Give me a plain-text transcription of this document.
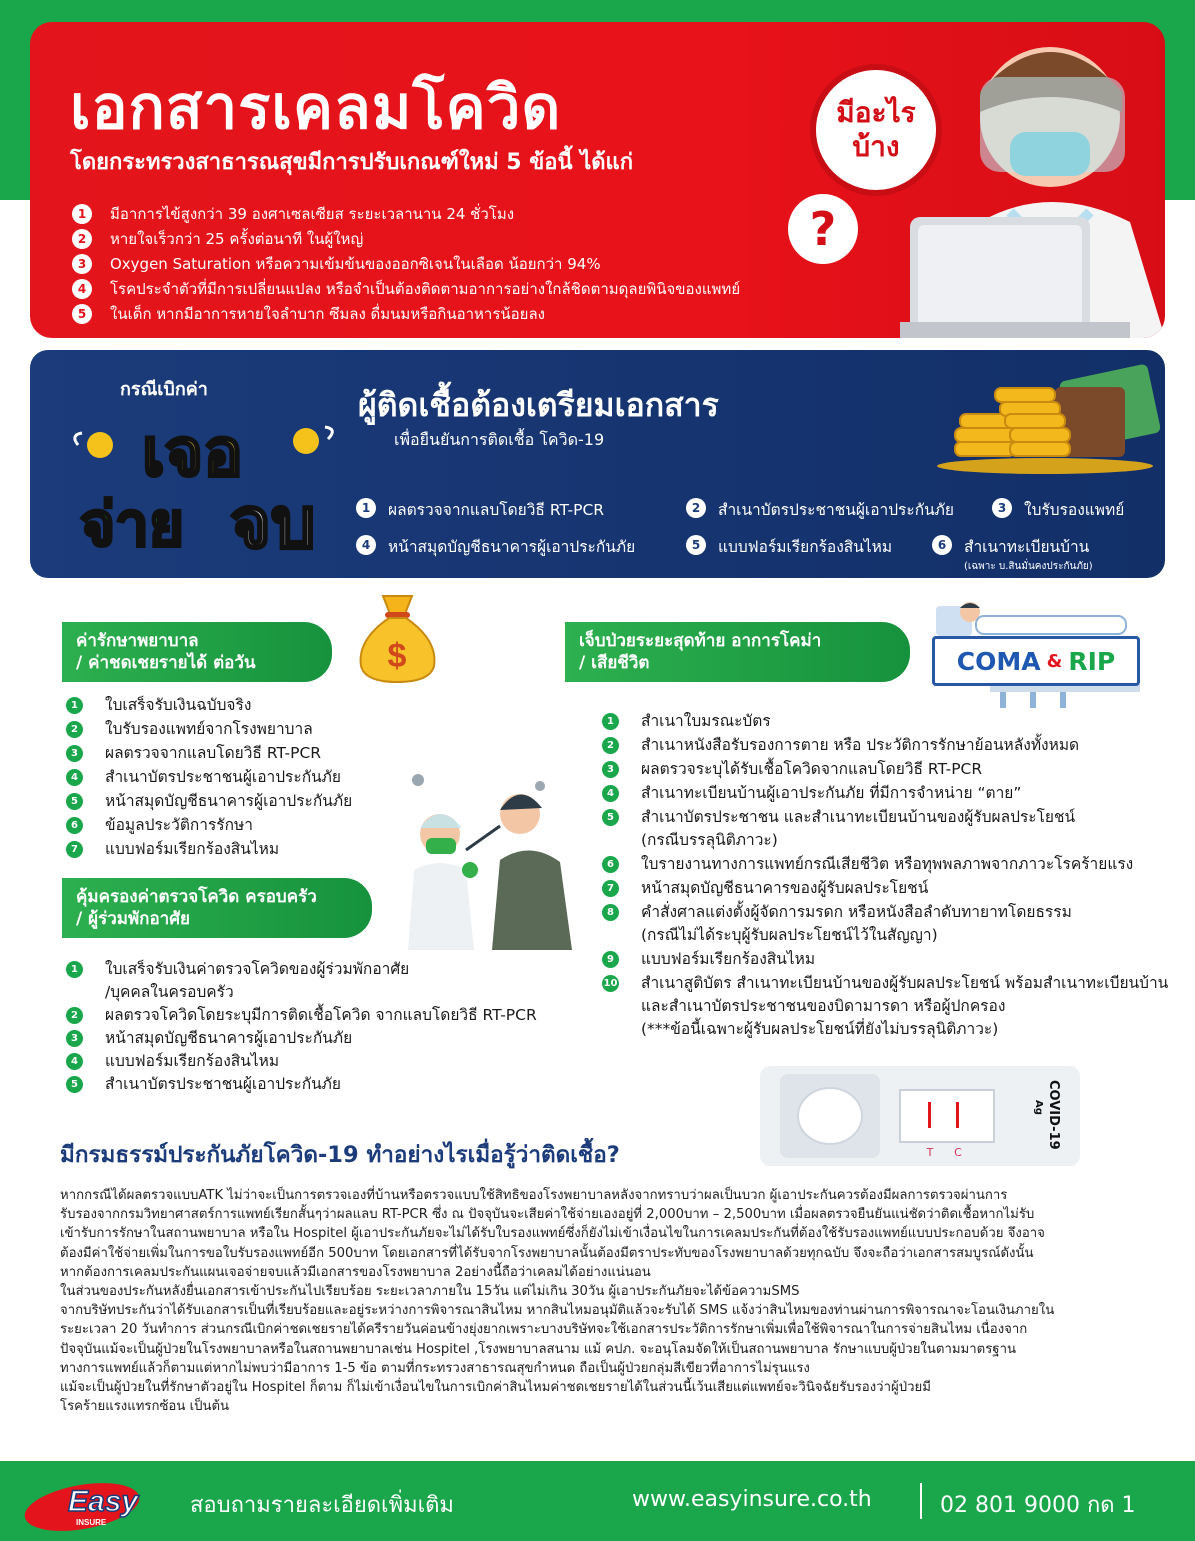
เอกสารเคลมโควิด

โดยกระทรวงสาธารณสุขมีการปรับเกณฑ์ใหม่ 5 ข้อนี้ ได้แก่

1	มีอาการไข้สูงกว่า 39 องศาเซลเซียส ระยะเวลานาน 24 ชั่วโมง
2	หายใจเร็วกว่า 25 ครั้งต่อนาที ในผู้ใหญ่
3	Oxygen Saturation หรือความเข้มข้นของออกซิเจนในเลือด น้อยกว่า 94%
4	โรคประจำตัวที่มีการเปลี่ยนแปลง หรือจำเป็นต้องติดตามอาการอย่างใกล้ชิดตามดุลยพินิจของแพทย์
5	ในเด็ก หากมีอาการหายใจลำบาก ซึมลง ดื่มนมหรือกินอาหารน้อยลง
มีอะไรบ้าง
?
กรณีเบิกค่า
เจอ
จ่าย จบ
ผู้ติดเชื้อต้องเตรียมเอกสาร

เพื่อยืนยันการติดเชื้อ โควิด-19

1	ผลตรวจจากแลบโดยวิธี RT-PCR	2	สำเนาบัตรประชาชนผู้เอาประกันภัย	3	ใบรับรองแพทย์
4	หน้าสมุดบัญชีธนาคารผู้เอาประกันภัย	5	แบบฟอร์มเรียกร้องสินไหม	6	สำเนาทะเบียนบ้าน
(เฉพาะ บ.สินมั่นคงประกันภัย)
ค่ารักษาพยาบาล
/ ค่าชดเชยรายได้ ต่อวัน	$
1	ใบเสร็จรับเงินฉบับจริง
2	ใบรับรองแพทย์จากโรงพยาบาล
3	ผลตรวจจากแลบโดยวิธี RT-PCR
4	สำเนาบัตรประชาชนผู้เอาประกันภัย
5	หน้าสมุดบัญชีธนาคารผู้เอาประกันภัย
6	ข้อมูลประวัติการรักษา
7	แบบฟอร์มเรียกร้องสินไหม
คุ้มครองค่าตรวจโควิด ครอบครัว
/ ผู้ร่วมพักอาศัย
1	ใบเสร็จรับเงินค่าตรวจโควิดของผู้ร่วมพักอาศัย
/บุคคลในครอบครัว
2	ผลตรวจโควิดโดยระบุมีการติดเชื้อโควิด จากแลบโดยวิธี RT-PCR
3	หน้าสมุดบัญชีธนาคารผู้เอาประกันภัย
4	แบบฟอร์มเรียกร้องสินไหม
5	สำเนาบัตรประชาชนผู้เอาประกันภัย
เจ็บป่วยระยะสุดท้าย อาการโคม่า
/ เสียชีวิต	COMA & RIP
1	สำเนาใบมรณะบัตร
2	สำเนาหนังสือรับรองการตาย หรือ ประวัติการรักษาย้อนหลังทั้งหมด
3	ผลตรวจระบุได้รับเชื้อโควิดจากแลบโดยวิธี RT-PCR
4	สำเนาทะเบียนบ้านผู้เอาประกันภัย ที่มีการจำหน่าย “ตาย”
5	สำเนาบัตรประชาชน และสำเนาทะเบียนบ้านของผู้รับผลประโยชน์
(กรณีบรรลุนิติภาวะ)
6	ใบรายงานทางการแพทย์กรณีเสียชีวิต หรือทุพพลภาพจากภาวะโรคร้ายแรง
7	หน้าสมุดบัญชีธนาคารของผู้รับผลประโยชน์
8	คำสั่งศาลแต่งตั้งผู้จัดการมรดก หรือหนังสือลำดับทายาทโดยธรรม
(กรณีไม่ได้ระบุผู้รับผลประโยชน์ไว้ในสัญญา)
9	แบบฟอร์มเรียกร้องสินไหม
10 สำเนาสูติบัตร สำเนาทะเบียนบ้านของผู้รับผลประโยชน์ พร้อมสำเนาทะเบียนบ้าน
และสำเนาบัตรประชาชนของบิดามารดา หรือผู้ปกครอง
(***ข้อนี้เฉพาะผู้รับผลประโยชน์ที่ยังไม่บรรลุนิติภาวะ)
T C
COVID-19
Ag
มีกรมธรรม์ประกันภัยโควิด-19 ทำอย่างไรเมื่อรู้ว่าติดเชื้อ?

หากกรณีได้ผลตรวจแบบATK ไม่ว่าจะเป็นการตรวจเองที่บ้านหรือตรวจแบบใช้สิทธิของโรงพยาบาลหลังจากทราบว่าผลเป็นบวก ผู้เอาประกันควรต้องมีผลการตรวจผ่านการ

รับรองจากกรมวิทยาศาสตร์การแพทย์เรียกสั้นๆว่าผลแลบ RT-PCR ซึ่ง ณ ปัจจุบันจะเสียค่าใช้จ่ายเองอยู่ที่ 2,000บาท – 2,500บาท เมื่อผลตรวจยืนยันแน่ชัดว่าติดเชื้อหากไม่รับ

เข้ารับการรักษาในสถานพยาบาล หรือใน Hospitel ผู้เอาประกันภัยจะไม่ได้รับใบรองแพทย์ซึ่งก็ยังไม่เข้าเงื่อนไขในการเคลมประกันที่ต้องใช้รับรองแพทย์แบบประกอบด้วย จึงอาจ

ต้องมีค่าใช้จ่ายเพิ่มในการขอใบรับรองแพทย์อีก 500บาท โดยเอกสารที่ได้รับจากโรงพยาบาลนั้นต้องมีตราประทับของโรงพยาบาลด้วยทุกฉบับ จึงจะถือว่าเอกสารสมบูรณ์ดังนั้น

หากต้องการเคลมประกันแผนเจอจ่ายจบแล้วมีเอกสารของโรงพยาบาล 2อย่างนี้ถือว่าเคลมได้อย่างแน่นอน

ในส่วนของประกันหลังยื่นเอกสารเข้าประกันไปเรียบร้อย ระยะเวลาภายใน 15วัน แต่ไม่เกิน 30วัน ผู้เอาประกันภัยจะได้ข้อความSMS

จากบริษัทประกันว่าได้รับเอกสารเป็นที่เรียบร้อยและอยู่ระหว่างการพิจารณาสินไหม หากสินไหมอนุมัติแล้วจะรับได้ SMS แจ้งว่าสินไหมของท่านผ่านการพิจารณาจะโอนเงินภายใน

ระยะเวลา 20 วันทำการ ส่วนกรณีเบิกค่าชดเชยรายได้ครีรายวันค่อนข้างยุ่งยากเพราะบางบริษัทจะใช้เอกสารประวัติการรักษาเพิ่มเพื่อใช้พิจารณาในการจ่ายสินไหม เนื่องจาก

ปัจจุบันแม้จะเป็นผู้ป่วยในโรงพยาบาลหรือในสถานพยาบาลเช่น Hospitel ,โรงพยาบาลสนาม แม้ คปภ. จะอนุโลมจัดให้เป็นสถานพยาบาล รักษาแบบผู้ป่วยในตามมาตรฐาน

ทางการแพทย์แล้วก็ตามแต่หากไม่พบว่ามีอาการ 1-5 ข้อ ตามที่กระทรวงสาธารณสุขกำหนด ถือเป็นผู้ป่วยกลุ่มสีเขียวที่อาการไม่รุนแรง

แม้จะเป็นผู้ป่วยในที่รักษาตัวอยู่ใน Hospitel ก็ตาม ก็ไม่เข้าเงื่อนไขในการเบิกค่าสินไหมค่าชดเชยรายได้ในส่วนนี้เว้นเสียแต่แพทย์จะวินิจฉัยรับรองว่าผู้ป่วยมี

โรคร้ายแรงแทรกซ้อน เป็นต้น

Easy
INSURE
สอบถามรายละเอียดเพิ่มเติม	www.easyinsure.co.th	02 801 9000 กด 1
